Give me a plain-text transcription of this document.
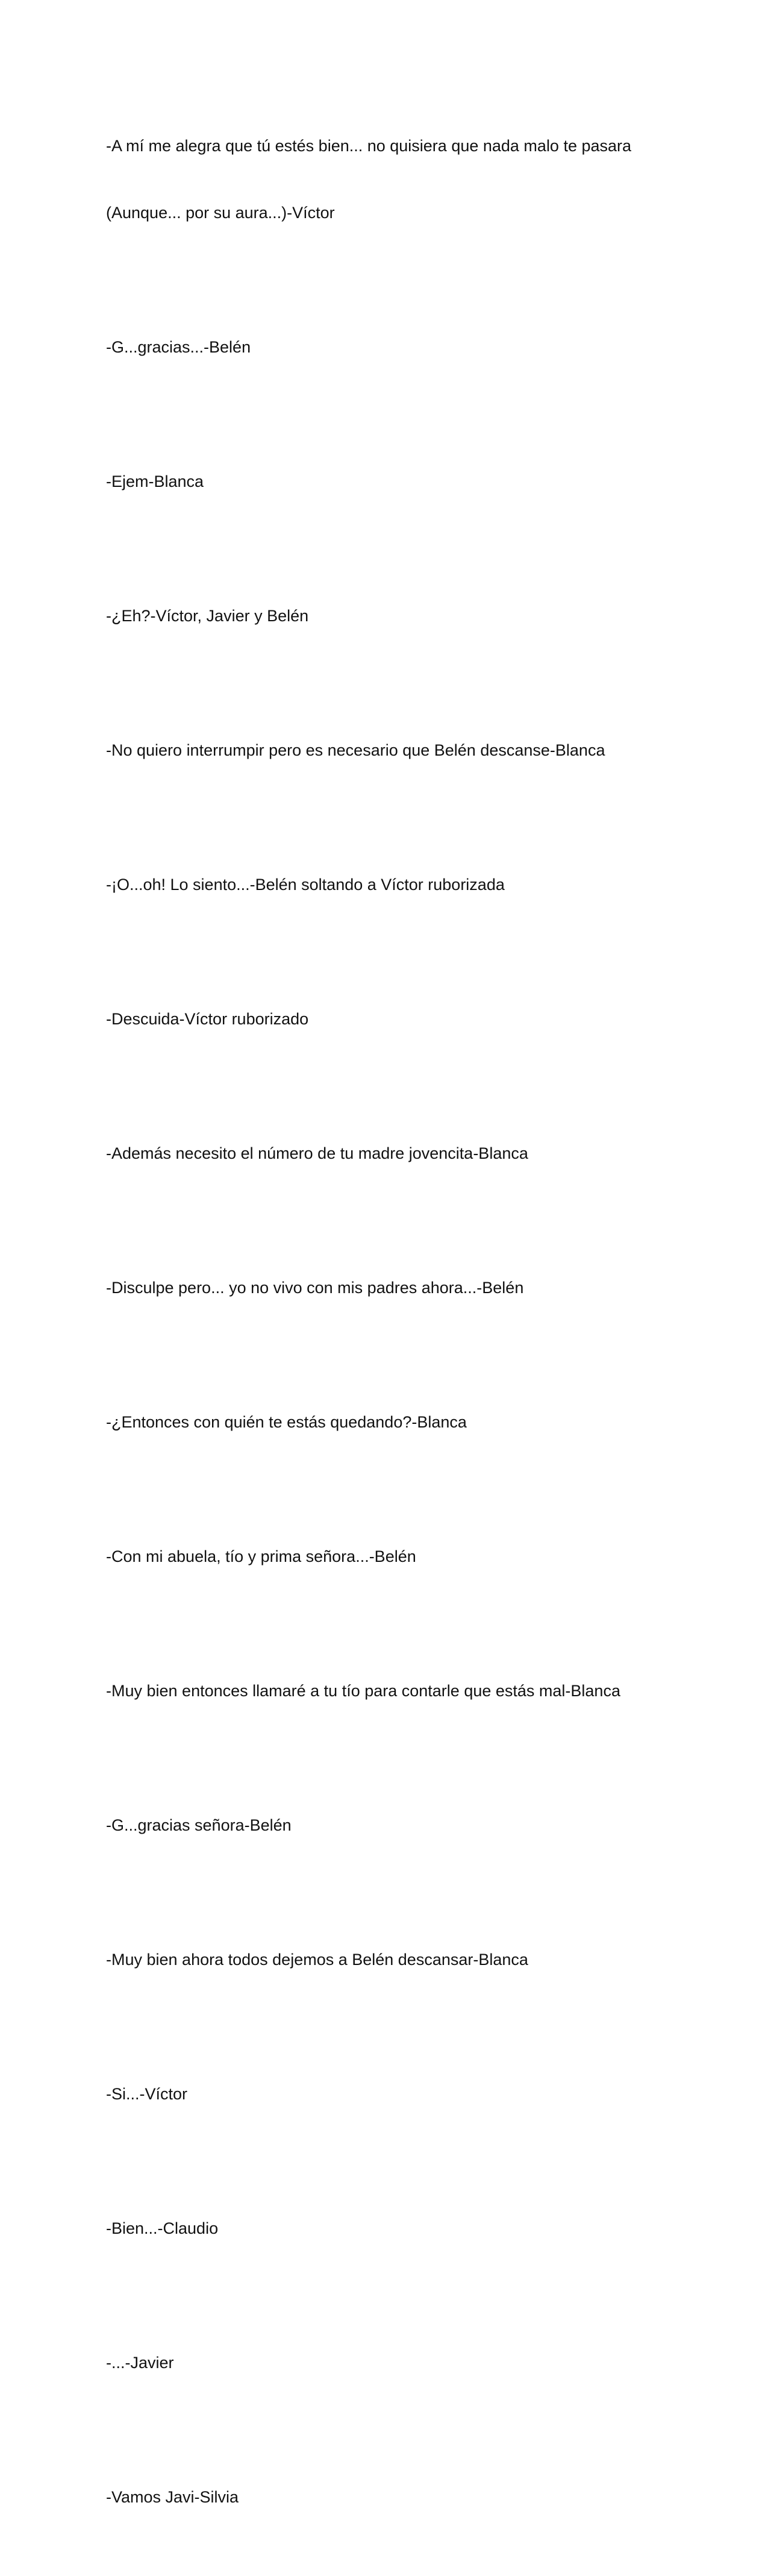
-A mí me alegra que tú estés bien... no quisiera que nada malo te pasara

(Aunque... por su aura...)-Víctor

-G...gracias...-Belén

-Ejem-Blanca

-¿Eh?-Víctor, Javier y Belén

-No quiero interrumpir pero es necesario que Belén descanse-Blanca

-¡O...oh! Lo siento...-Belén soltando a Víctor ruborizada

-Descuida-Víctor ruborizado

-Además necesito el número de tu madre jovencita-Blanca

-Disculpe pero... yo no vivo con mis padres ahora...-Belén

-¿Entonces con quién te estás quedando?-Blanca

-Con mi abuela, tío y prima señora...-Belén

-Muy bien entonces llamaré a tu tío para contarle que estás mal-Blanca

-G...gracias señora-Belén

-Muy bien ahora todos dejemos a Belén descansar-Blanca

-Si...-Víctor

-Bien...-Claudio

-...-Javier

-Vamos Javi-Silvia
